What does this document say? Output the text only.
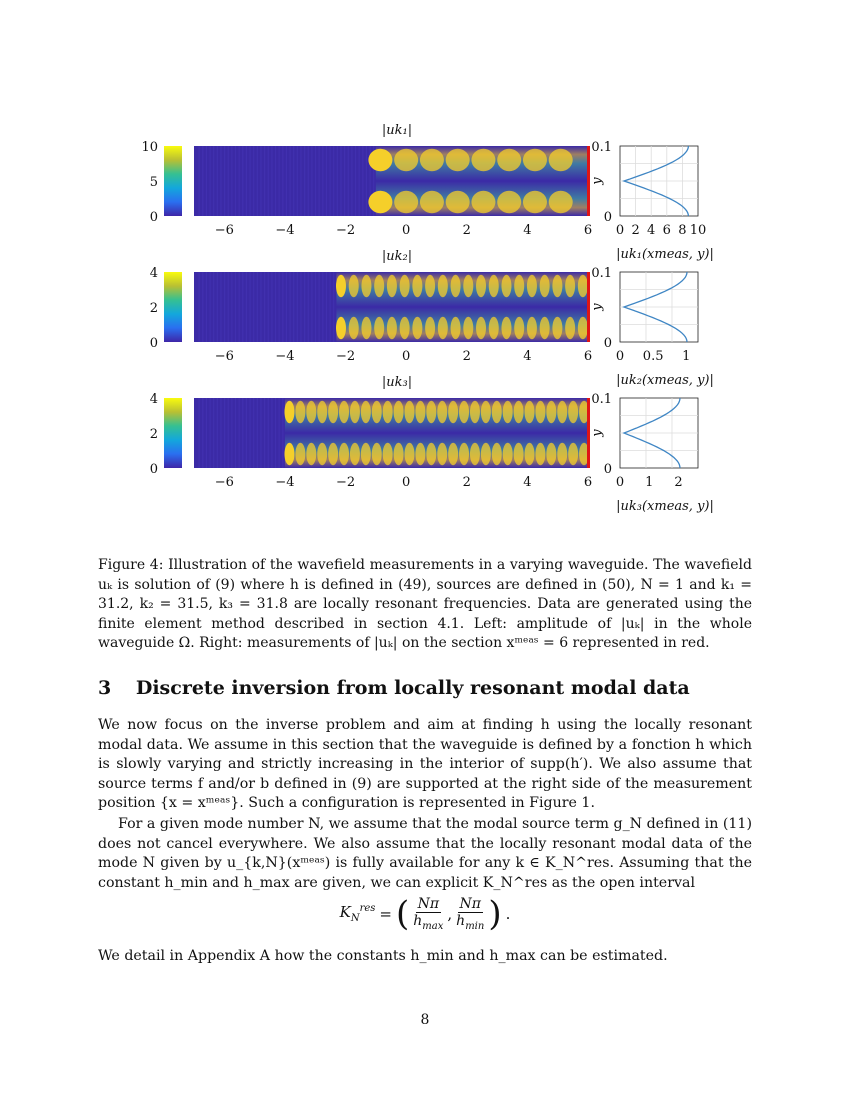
|uk₁|
10
5
0
−6	−4	−2	0	2	4	6
0.1
0
y
0 2 4 6 8 10
|uk₁(xmeas, y)|
|uk₂|
4
2
0
−6	−4	−2	0	2	4	6
0.1
0
y
0 0.5 1
|uk₂(xmeas, y)|
|uk₃|
4
2
0
−6	−4	−2	0	2	4	6
0.1
0
y
0 1 2
|uk₃(xmeas, y)|
Figure 4: Illustration of the wavefield measurements in a varying waveguide. The wavefield uₖ is solution of (9) where h is defined in (49), sources are defined in (50), N = 1 and k₁ = 31.2, k₂ = 31.5, k₃ = 31.8 are locally resonant frequencies. Data are generated using the finite element method described in section 4.1. Left: amplitude of |uₖ| in the whole waveguide Ω. Right: measurements of |uₖ| on the section xᵐᵉᵃˢ = 6 represented in red.
3 Discrete inversion from locally resonant modal data
We now focus on the inverse problem and aim at finding h using the locally resonant modal data. We assume in this section that the waveguide is defined by a fonction h which is slowly varying and strictly increasing in the interior of supp(h′). We also assume that source terms f and/or b defined in (9) are supported at the right side of the measurement position {x = xᵐᵉᵃˢ}. Such a configuration is represented in Figure 1.
For a given mode number N, we assume that the modal source term g_N defined in (11) does not cancel everywhere. We also assume that the locally resonant modal data of the mode N given by u_{k,N}(xᵐᵉᵃˢ) is fully available for any k ∈ K_N^res. Assuming that the constant h_min and h_max are given, we can explicit K_N^res as the open interval
$K_N^{res}$ = ( $\frac{N\pi}{h_{max}}$ , $\frac{N\pi}{h_{min}}$ ) .
We detail in Appendix A how the constants h_min and h_max can be estimated.
8
